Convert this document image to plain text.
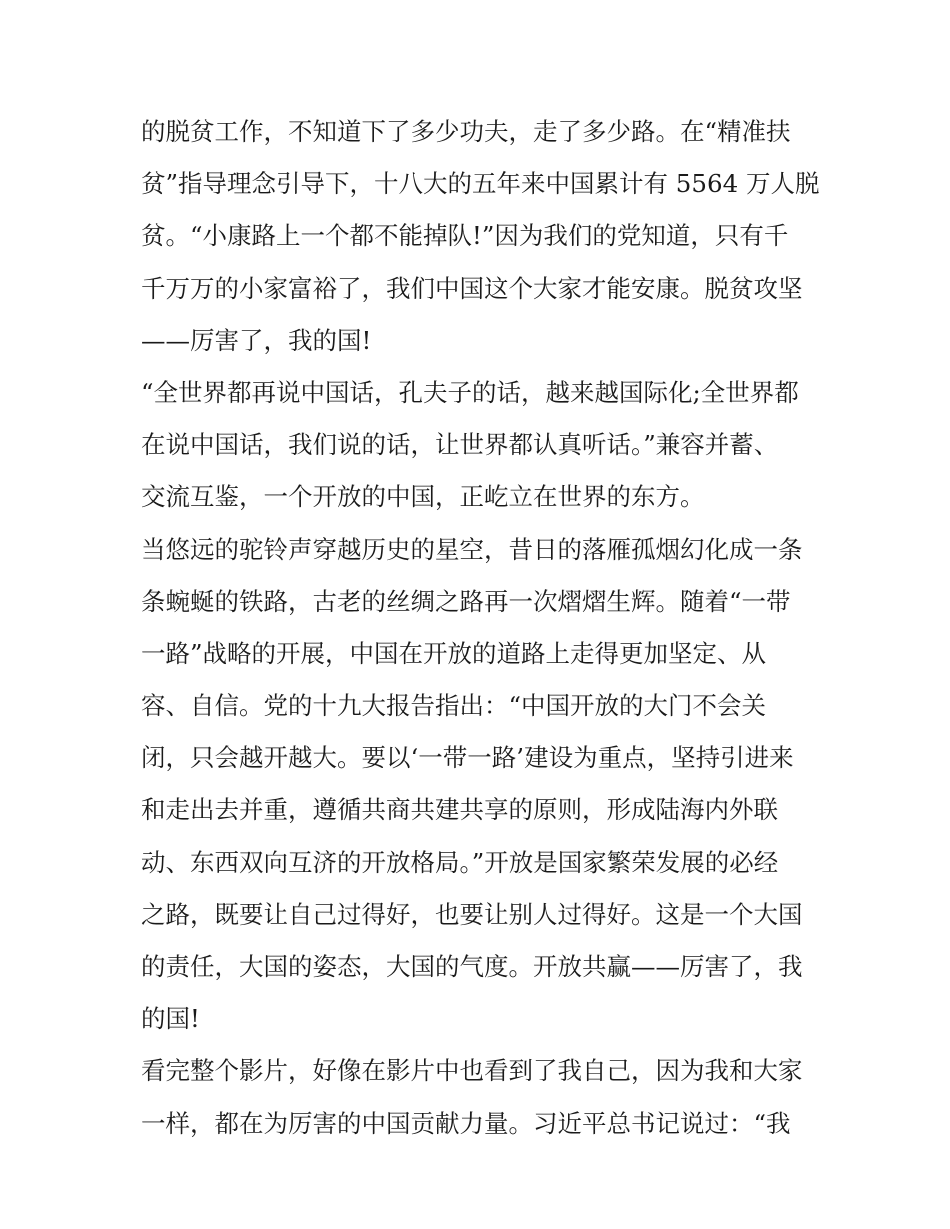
的脱贫工作，不知道下了多少功夫，走了多少路。在“精准扶
贫”指导理念引导下，十八大的五年来中国累计有 5564 万人脱
贫。“小康路上一个都不能掉队!”因为我们的党知道，只有千
千万万的小家富裕了，我们中国这个大家才能安康。脱贫攻坚
——厉害了，我的国!
“全世界都再说中国话，孔夫子的话，越来越国际化;全世界都
在说中国话，我们说的话，让世界都认真听话。”兼容并蓄、
交流互鉴，一个开放的中国，正屹立在世界的东方。
当悠远的驼铃声穿越历史的星空，昔日的落雁孤烟幻化成一条
条蜿蜒的铁路，古老的丝绸之路再一次熠熠生辉。随着“一带
一路”战略的开展，中国在开放的道路上走得更加坚定、从
容、自信。党的十九大报告指出：“中国开放的大门不会关
闭，只会越开越大。要以‘一带一路’建设为重点，坚持引进来
和走出去并重，遵循共商共建共享的原则，形成陆海内外联
动、东西双向互济的开放格局。”开放是国家繁荣发展的必经
之路，既要让自己过得好，也要让别人过得好。这是一个大国
的责任，大国的姿态，大国的气度。开放共赢——厉害了，我
的国!
看完整个影片，好像在影片中也看到了我自己，因为我和大家
一样，都在为厉害的中国贡献力量。习近平总书记说过：“我
